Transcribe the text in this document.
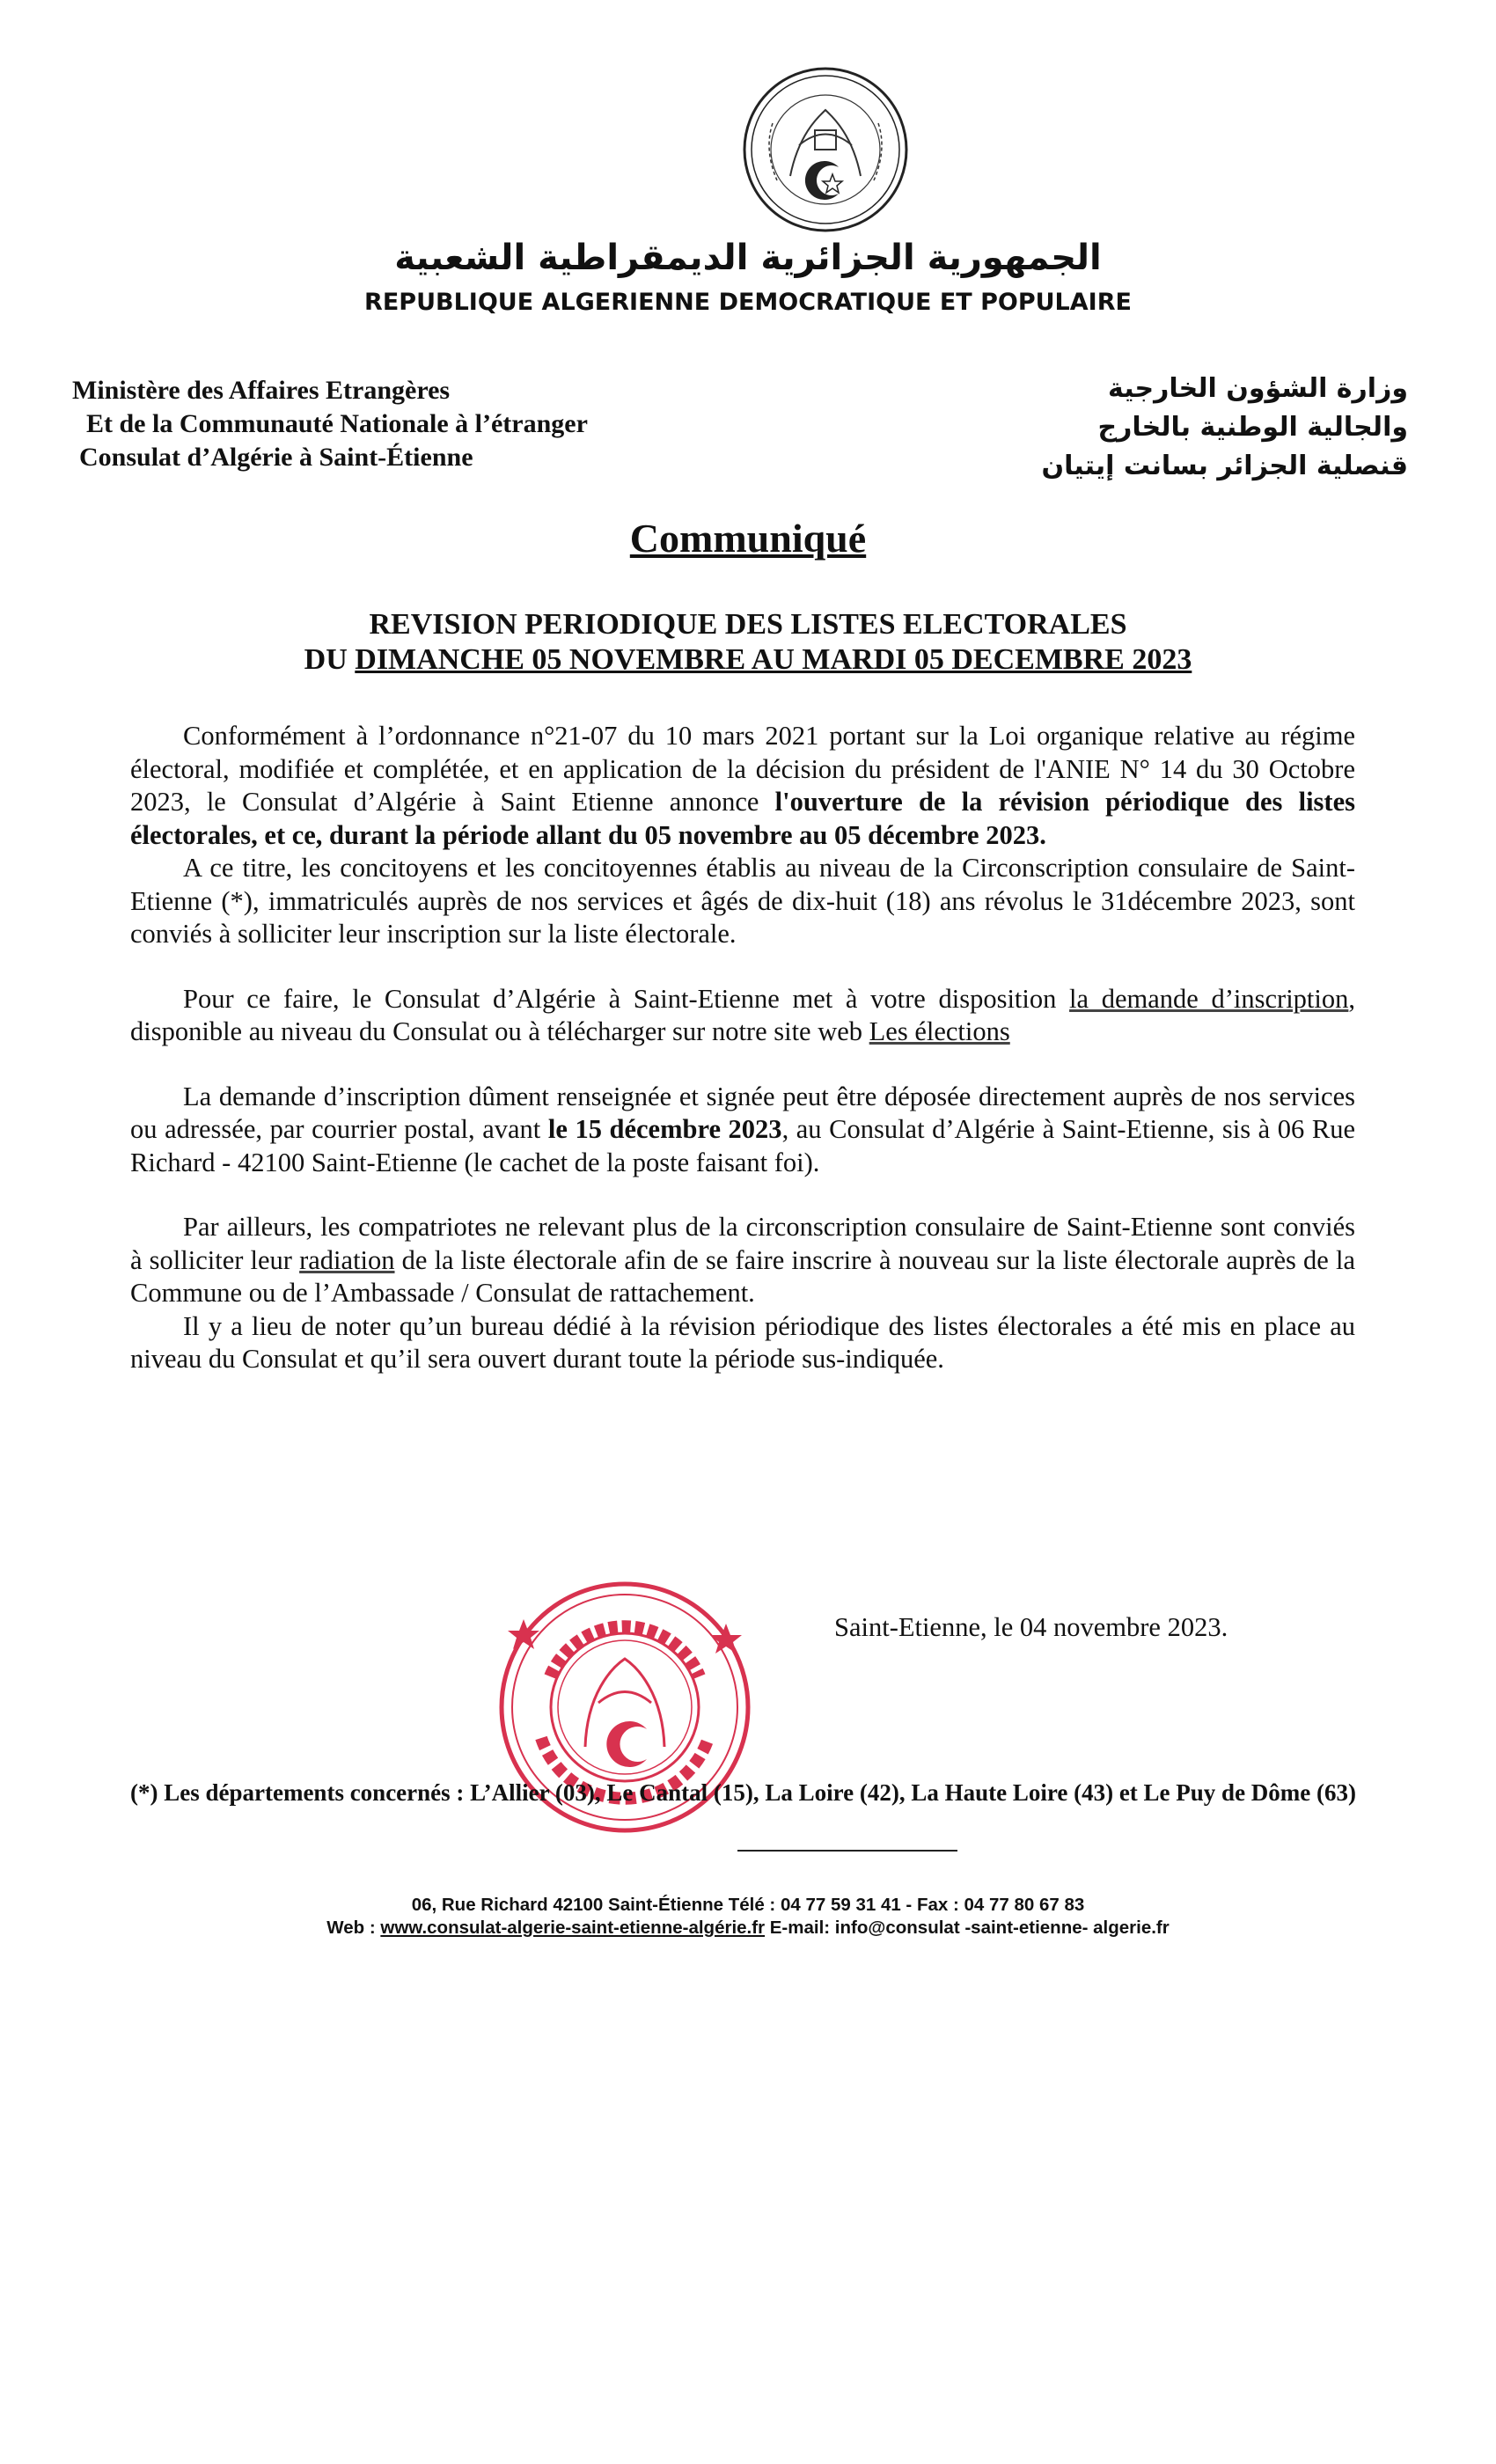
الجمهورية الجزائرية الديمقراطية الشعبية
REPUBLIQUE ALGERIENNE DEMOCRATIQUE ET POPULAIRE
Ministère des Affaires Etrangères
Et de la Communauté Nationale à l’étranger
Consulat d’Algérie à Saint-Étienne
وزارة الشؤون الخارجية
والجالية الوطنية بالخارج
قنصلية الجزائر بسانت إيتيان
Communiqué
REVISION PERIODIQUE DES LISTES ELECTORALES
DU DIMANCHE 05 NOVEMBRE AU MARDI 05 DECEMBRE 2023

Conformément à l’ordonnance n°21-07 du 10 mars 2021 portant sur la Loi organique relative au régime électoral, modifiée et complétée, et en application de la décision du président de l'ANIE N° 14 du 30 Octobre 2023, le Consulat d’Algérie à Saint Etienne annonce l'ouverture de la révision périodique des listes électorales, et ce, durant la période allant du 05 novembre au 05 décembre 2023.

A ce titre, les concitoyens et les concitoyennes établis au niveau de la Circonscription consulaire de Saint-Etienne (*), immatriculés auprès de nos services et âgés de dix-huit (18) ans révolus le 31décembre 2023, sont conviés à solliciter leur inscription sur la liste électorale.

Pour ce faire, le Consulat d’Algérie à Saint-Etienne met à votre disposition la demande d’inscription, disponible au niveau du Consulat ou à télécharger sur notre site web Les élections

La demande d’inscription dûment renseignée et signée peut être déposée directement auprès de nos services ou adressée, par courrier postal, avant le 15 décembre 2023, au Consulat d’Algérie à Saint-Etienne, sis à 06 Rue Richard - 42100 Saint-Etienne (le cachet de la poste faisant foi).

Par ailleurs, les compatriotes ne relevant plus de la circonscription consulaire de Saint-Etienne sont conviés à solliciter leur radiation de la liste électorale afin de se faire inscrire à nouveau sur la liste électorale auprès de la Commune ou de l’Ambassade / Consulat de rattachement.

Il y a lieu de noter qu’un bureau dédié à la révision périodique des listes électorales a été mis en place au niveau du Consulat et qu’il sera ouvert durant toute la période sus-indiquée.

Saint-Etienne, le 04 novembre 2023.
(*) Les départements concernés : L’Allier (03), Le Cantal (15), La Loire (42), La Haute Loire (43) et Le Puy de Dôme (63)
06, Rue Richard 42100 Saint-Étienne Télé : 04 77 59 31 41 - Fax : 04 77 80 67 83
Web : www.consulat-algerie-saint-etienne-algérie.fr E-mail: info@consulat -saint-etienne- algerie.fr
